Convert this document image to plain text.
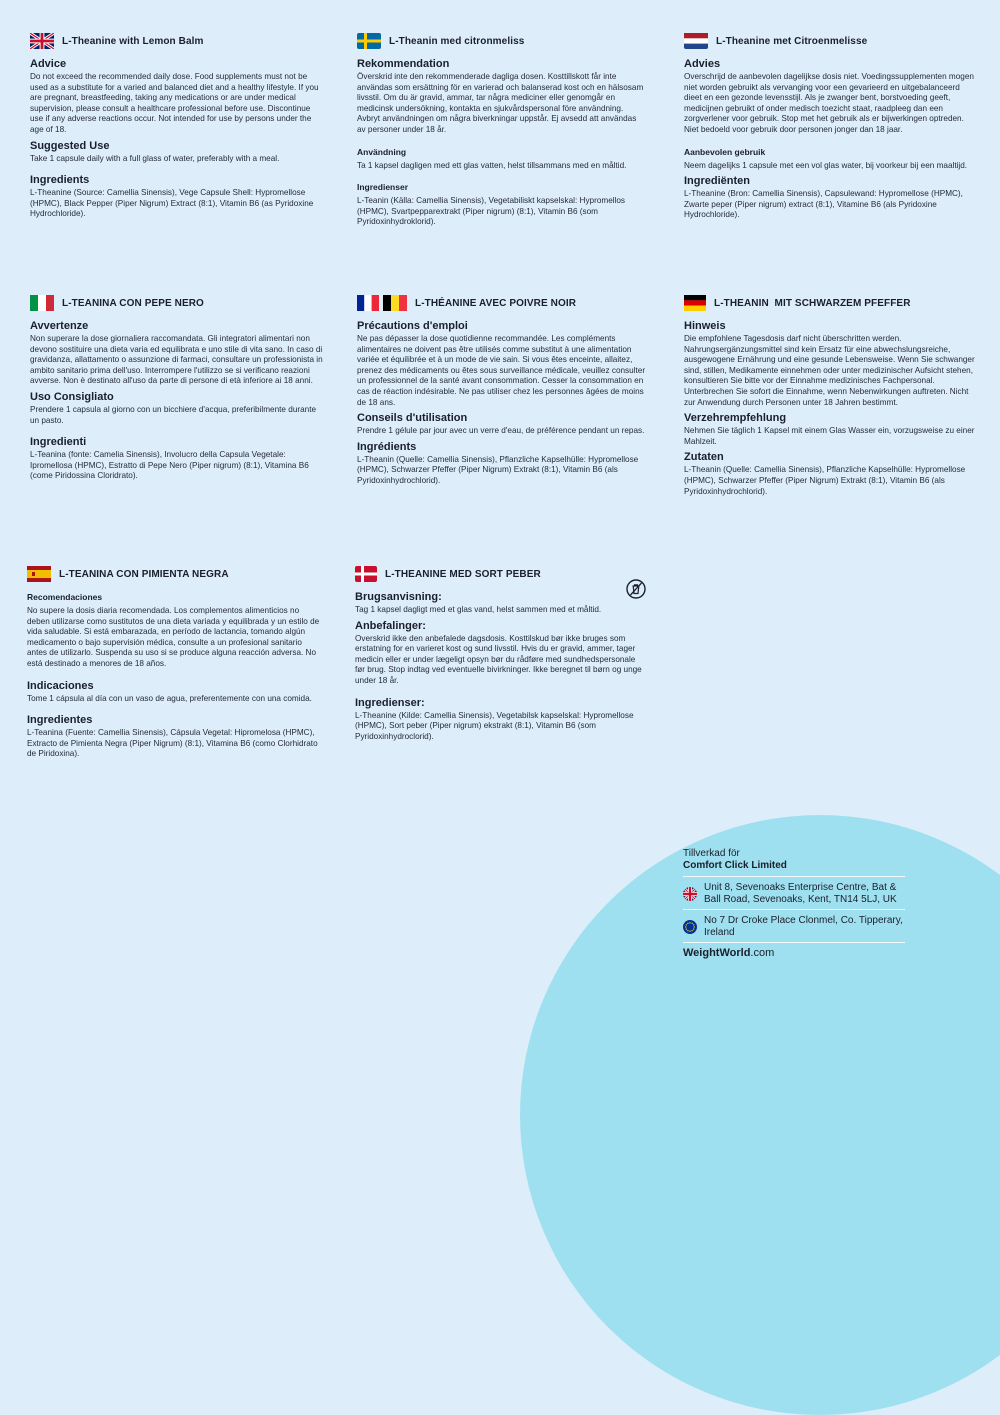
L-Theanine with Lemon Balm
Advice

Do not exceed the recommended daily dose. Food supplements must not be used as a substitute for a varied and balanced diet and a healthy lifestyle. If you are pregnant, breastfeeding, taking any medications or are under medical supervision, please consult a healthcare professional before use. Discontinue use if any adverse reactions occur. Not intended for use by persons under the age of 18.

Suggested Use

Take 1 capsule daily with a full glass of water, preferably with a meal.

Ingredients

L-Theanine (Source: Camellia Sinensis), Vege Capsule Shell: Hypromellose (HPMC), Black Pepper (Piper Nigrum) Extract (8:1), Vitamin B6 (as Pyridoxine Hydrochloride).

L-Theanin med citronmeliss
Rekommendation

Överskrid inte den rekommenderade dagliga dosen. Kosttillskott får inte användas som ersättning för en varierad och balanserad kost och en hälsosam livsstil. Om du är gravid, ammar, tar några mediciner eller genomgår en medicinsk undersökning, kontakta en sjukvårdspersonal före användning. Avbryt användningen om några biverkningar uppstår. Ej avsedd att användas av personer under 18 år.

Användning

Ta 1 kapsel dagligen med ett glas vatten, helst tillsammans med en måltid.

Ingredienser

L-Teanin (Källa: Camellia Sinensis), Vegetabiliskt kapselskal: Hypromellos (HPMC), Svartpepparextrakt (Piper nigrum) (8:1), Vitamin B6 (som Pyridoxinhydroklorid).

L-Theanine met Citroenmelisse
Advies

Overschrijd de aanbevolen dagelijkse dosis niet. Voedingssupplementen mogen niet worden gebruikt als vervanging voor een gevarieerd en uitgebalanceerd dieet en een gezonde levensstijl. Als je zwanger bent, borstvoeding geeft, medicijnen gebruikt of onder medisch toezicht staat, raadpleeg dan een zorgverlener voor gebruik. Stop met het gebruik als er bijwerkingen optreden. Niet bedoeld voor gebruik door personen jonger dan 18 jaar.

Aanbevolen gebruik

Neem dagelijks 1 capsule met een vol glas water, bij voorkeur bij een maaltijd.

Ingrediënten

L-Theanine (Bron: Camellia Sinensis), Capsulewand: Hypromellose (HPMC), Zwarte peper (Piper nigrum) extract (8:1), Vitamine B6 (als Pyridoxine Hydrochloride).

L-TEANINA CON PEPE NERO
Avvertenze

Non superare la dose giornaliera raccomandata. Gli integratori alimentari non devono sostituire una dieta varia ed equilibrata e uno stile di vita sano. In caso di gravidanza, allattamento o assunzione di farmaci, consultare un professionista in ambito sanitario prima dell'uso. Interrompere l'utilizzo se si verificano reazioni avverse. Non è destinato all'uso da parte di persone di età inferiore ai 18 anni.

Uso Consigliato

Prendere 1 capsula al giorno con un bicchiere d'acqua, preferibilmente durante un pasto.

Ingredienti

L-Teanina (fonte: Camelia Sinensis), Involucro della Capsula Vegetale: Ipromellosa (HPMC), Estratto di Pepe Nero (Piper nigrum) (8:1), Vitamina B6 (come Piridossina Cloridrato).

L-THÉANINE AVEC POIVRE NOIR
Précautions d'emploi

Ne pas dépasser la dose quotidienne recommandée. Les compléments alimentaires ne doivent pas être utilisés comme substitut à une alimentation variée et équilibrée et à un mode de vie sain. Si vous êtes enceinte, allaitez, prenez des médicaments ou êtes sous surveillance médicale, veuillez consulter un professionnel de la santé avant consommation. Cesser la consommation en cas de réaction indésirable. Ne pas utiliser chez les personnes âgées de moins de 18 ans.

Conseils d'utilisation

Prendre 1 gélule par jour avec un verre d'eau, de préférence pendant un repas.

Ingrédients

L-Theanin (Quelle: Camellia Sinensis), Pflanzliche Kapselhülle: Hypromellose (HPMC), Schwarzer Pfeffer (Piper Nigrum) Extrakt (8:1), Vitamin B6 (als Pyridoxinhydrochlorid).

L-THEANIN  MIT SCHWARZEM PFEFFER
Hinweis

Die empfohlene Tagesdosis darf nicht überschritten werden. Nahrungsergänzungsmittel sind kein Ersatz für eine abwechslungsreiche, ausgewogene Ernährung und eine gesunde Lebensweise. Wenn Sie schwanger sind, stillen, Medikamente einnehmen oder unter medizinischer Aufsicht stehen, konsultieren Sie bitte vor der Einnahme medizinisches Fachpersonal. Unterbrechen Sie sofort die Einnahme, wenn Nebenwirkungen auftreten. Nicht zur Anwendung durch Personen unter 18 Jahren bestimmt.

Verzehrempfehlung

Nehmen Sie täglich 1 Kapsel mit einem Glas Wasser ein, vorzugsweise zu einer Mahlzeit.

Zutaten

L-Theanin (Quelle: Camellia Sinensis), Pflanzliche Kapselhülle: Hypromellose (HPMC), Schwarzer Pfeffer (Piper Nigrum) Extrakt (8:1), Vitamin B6 (als Pyridoxinhydrochlorid).

L-TEANINA CON PIMIENTA NEGRA
Recomendaciones

No supere la dosis diaria recomendada. Los complementos alimenticios no deben utilizarse como sustitutos de una dieta variada y equilibrada y un estilo de vida saludable. Si está embarazada, en período de lactancia, tomando algún medicamento o bajo supervisión médica, consulte a un profesional sanitario antes de utilizarlo. Suspenda su uso si se produce alguna reacción adversa. No está destinado a menores de 18 años.

Indicaciones

Tome 1 cápsula al día con un vaso de agua, preferentemente con una comida.

Ingredientes

L-Teanina (Fuente: Camellia Sinensis), Cápsula Vegetal: Hipromelosa (HPMC), Extracto de Pimienta Negra (Piper Nigrum) (8:1), Vitamina B6 (como Clorhidrato de Piridoxina).

L-THEANINE MED SORT PEBER
Brugsanvisning:

Tag 1 kapsel dagligt med et glas vand, helst sammen med et måltid.

Anbefalinger:

Overskrid ikke den anbefalede dagsdosis. Kosttilskud bør ikke bruges som erstatning for en varieret kost og sund livsstil. Hvis du er gravid, ammer, tager medicin eller er under lægeligt opsyn bør du rådføre med sundhedspersonale før brug. Stop indtag ved eventuelle bivirkninger. Ikke beregnet til børn og unge under 18 år.

Ingredienser:

L-Theanine (Kilde: Camellia Sinensis), Vegetabilsk kapselskal: Hypromellose (HPMC), Sort peber (Piper nigrum) ekstrakt (8:1), Vitamin B6 (som Pyridoxinhydroclorid).

Tillverkad för
Comfort Click Limited
Unit 8, Sevenoaks Enterprise Centre, Bat & Ball Road, Sevenoaks, Kent, TN14 5LJ, UK
No 7 Dr Croke Place Clonmel, Co. Tipperary, Ireland
WeightWorld.com
